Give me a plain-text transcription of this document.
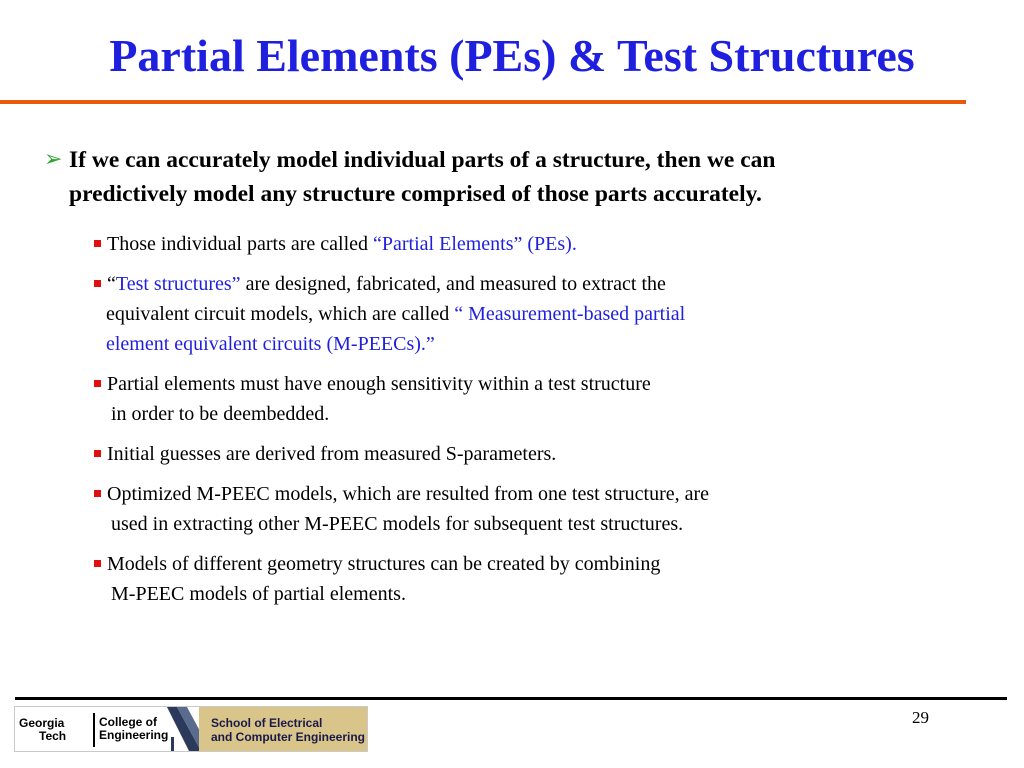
Partial Elements (PEs) & Test Structures
➢ If we can accurately model individual parts of a structure, then we can
predictively model any structure comprised of those parts accurately.
Those individual parts are called “Partial Elements” (PEs).
“Test structures” are designed, fabricated, and measured to extract the
equivalent circuit models, which are called “ Measurement-based partial
element equivalent circuits (M-PEECs).”
Partial elements must have enough sensitivity within a test structure
in order to be deembedded.
Initial guesses are derived from measured S-parameters.
Optimized M-PEEC models, which are resulted from one test structure, are
used in extracting other M-PEEC models for subsequent test structures.
Models of different geometry structures can be created by combining
M-PEEC models of partial elements.
Georgia
Tech
College of
Engineering
School of Electrical
and Computer Engineering
29
